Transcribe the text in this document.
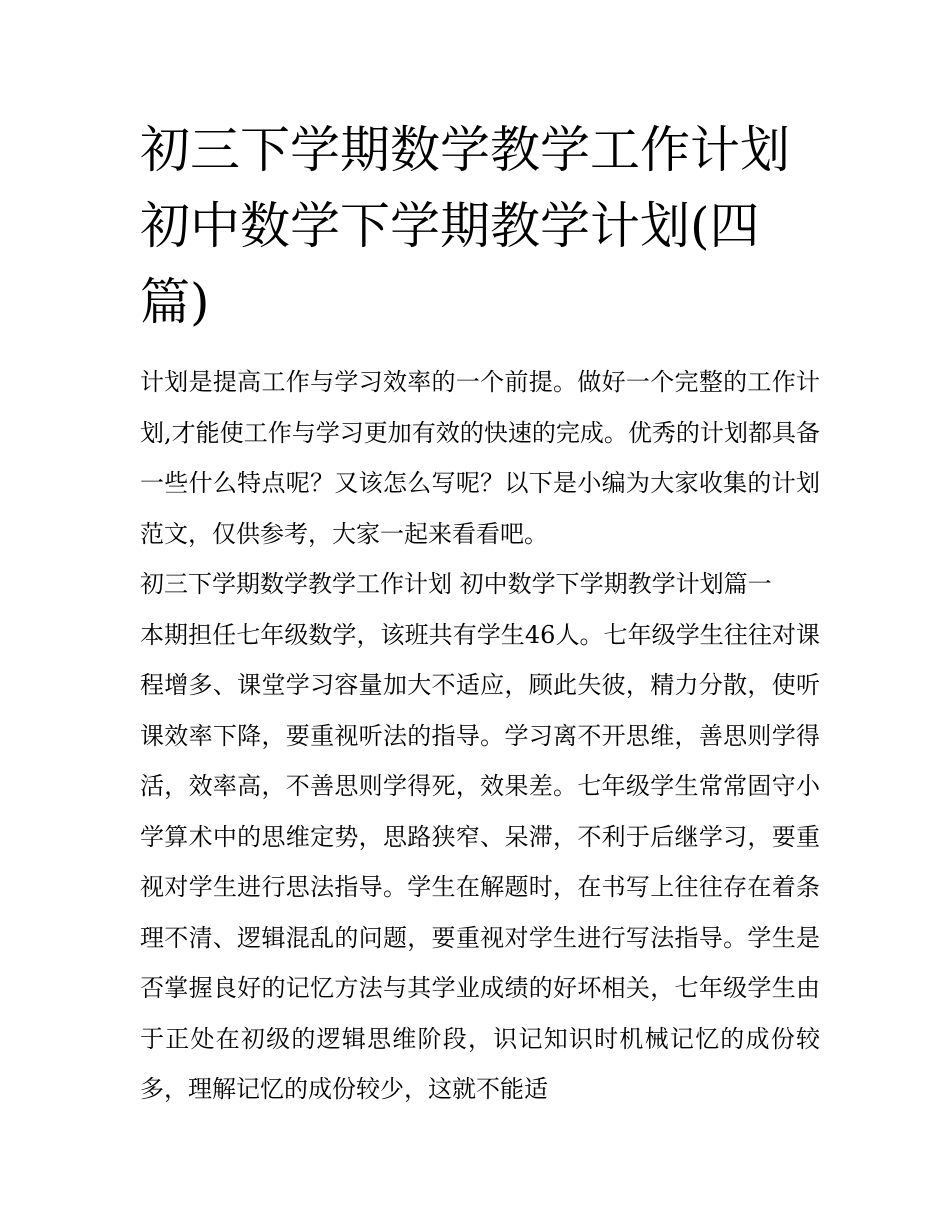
初三下学期数学教学工作计划 初中数学下学期教学计划(四篇)

计划是提高工作与学习效率的一个前提。做好一个完整的工作计划,才能使工作与学习更加有效的快速的完成。优秀的计划都具备一些什么特点呢？又该怎么写呢？以下是小编为大家收集的计划范文，仅供参考，大家一起来看看吧。

初三下学期数学教学工作计划 初中数学下学期教学计划篇一

本期担任七年级数学，该班共有学生46人。七年级学生往往对课程增多、课堂学习容量加大不适应，顾此失彼，精力分散，使听课效率下降，要重视听法的指导。学习离不开思维，善思则学得活，效率高，不善思则学得死，效果差。七年级学生常常固守小学算术中的思维定势，思路狭窄、呆滞，不利于后继学习，要重视对学生进行思法指导。学生在解题时，在书写上往往存在着条理不清、逻辑混乱的问题，要重视对学生进行写法指导。学生是否掌握良好的记忆方法与其学业成绩的好坏相关，七年级学生由于正处在初级的逻辑思维阶段，识记知识时机械记忆的成份较多，理解记忆的成份较少，这就不能适
